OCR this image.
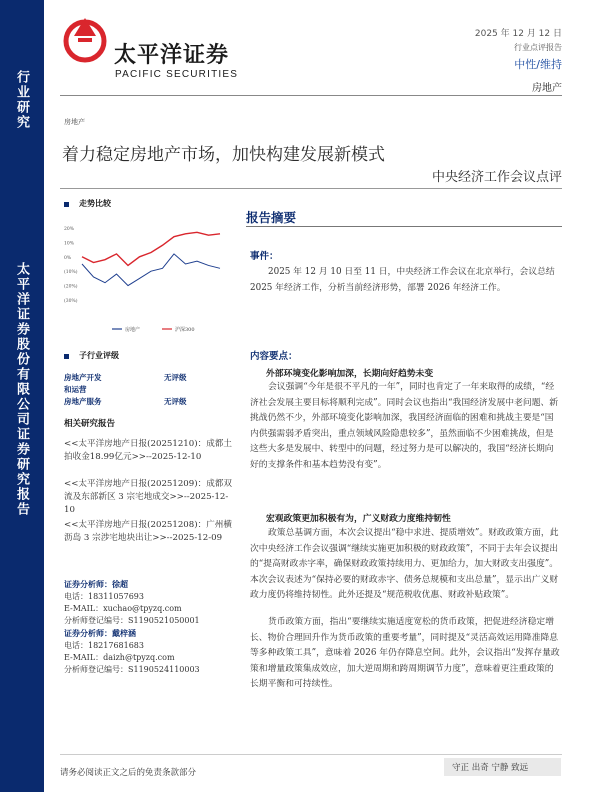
行业研究
太平洋证券股份有限公司证券研究报告
太平洋证券
PACIFIC SECURITIES
2025 年 12 月 12 日
行业点评报告
中性/维持
房地产
房地产
着力稳定房地产市场，加快构建发展新模式
中央经济工作会议点评
走势比较
20%
10%
0%
(10%)
(20%)
(30%)
房地产	沪深300
子行业评级
房地产开发	无评级
和运营
房地产服务	无评级
相关研究报告
<<太平洋房地产日报(20251210)：成都土拍收金18.99亿元>>--2025-12-10
<<太平洋房地产日报(20251209)：成都双流及东部新区 3 宗宅地成交>>--2025-12-10
<<太平洋房地产日报(20251208)：广州横沥岛 3 宗涉宅地块出让>>--2025-12-09
证券分析师：徐超
电话：18311057693
E-MAIL：xuchao@tpyzq.com
分析师登记编号：S1190521050001
证券分析师：戴梓涵
电话：18217681683
E-MAIL：daizh@tpyzq.com
分析师登记编号：S1190524110003
报告摘要
事件：
2025 年 12 月 10 日至 11 日，中央经济工作会议在北京举行，会议总结 2025 年经济工作，分析当前经济形势，部署 2026 年经济工作。
内容要点：
外部环境变化影响加深，长期向好趋势未变
会议强调“今年是很不平凡的一年”，同时也肯定了一年来取得的成绩，“经济社会发展主要目标将顺利完成”。同时会议也指出“我国经济发展中老问题、新挑战仍然不少，外部环境变化影响加深，我国经济面临的困难和挑战主要是“国内供强需弱矛盾突出，重点领域风险隐患较多”，虽然面临不少困难挑战，但是这些大多是发展中、转型中的问题，经过努力是可以解决的，我国“经济长期向好的支撑条件和基本趋势没有变”。
宏观政策更加积极有为，广义财政力度维持韧性
政策总基调方面，本次会议提出“稳中求进、提质增效”。财政政策方面，此次中央经济工作会议强调“继续实施更加积极的财政政策”，不同于去年会议提出的“提高财政赤字率，确保财政政策持续用力、更加给力，加大财政支出强度”。本次会议表述为“保持必要的财政赤字、债务总规模和支出总量”，显示出广义财政力度仍将维持韧性。此外还提及“规范税收优惠、财政补贴政策”。
货币政策方面，指出“要继续实施适度宽松的货币政策，把促进经济稳定增长、物价合理回升作为货币政策的重要考量”，同时提及“灵活高效运用降准降息等多种政策工具”，意味着 2026 年仍存降息空间。此外，会议指出“发挥存量政策和增量政策集成效应，加大逆周期和跨周期调节力度”，意味着更注重政策的长期平衡和可持续性。
请务必阅读正文之后的免责条款部分	守正 出奇 宁静 致远
